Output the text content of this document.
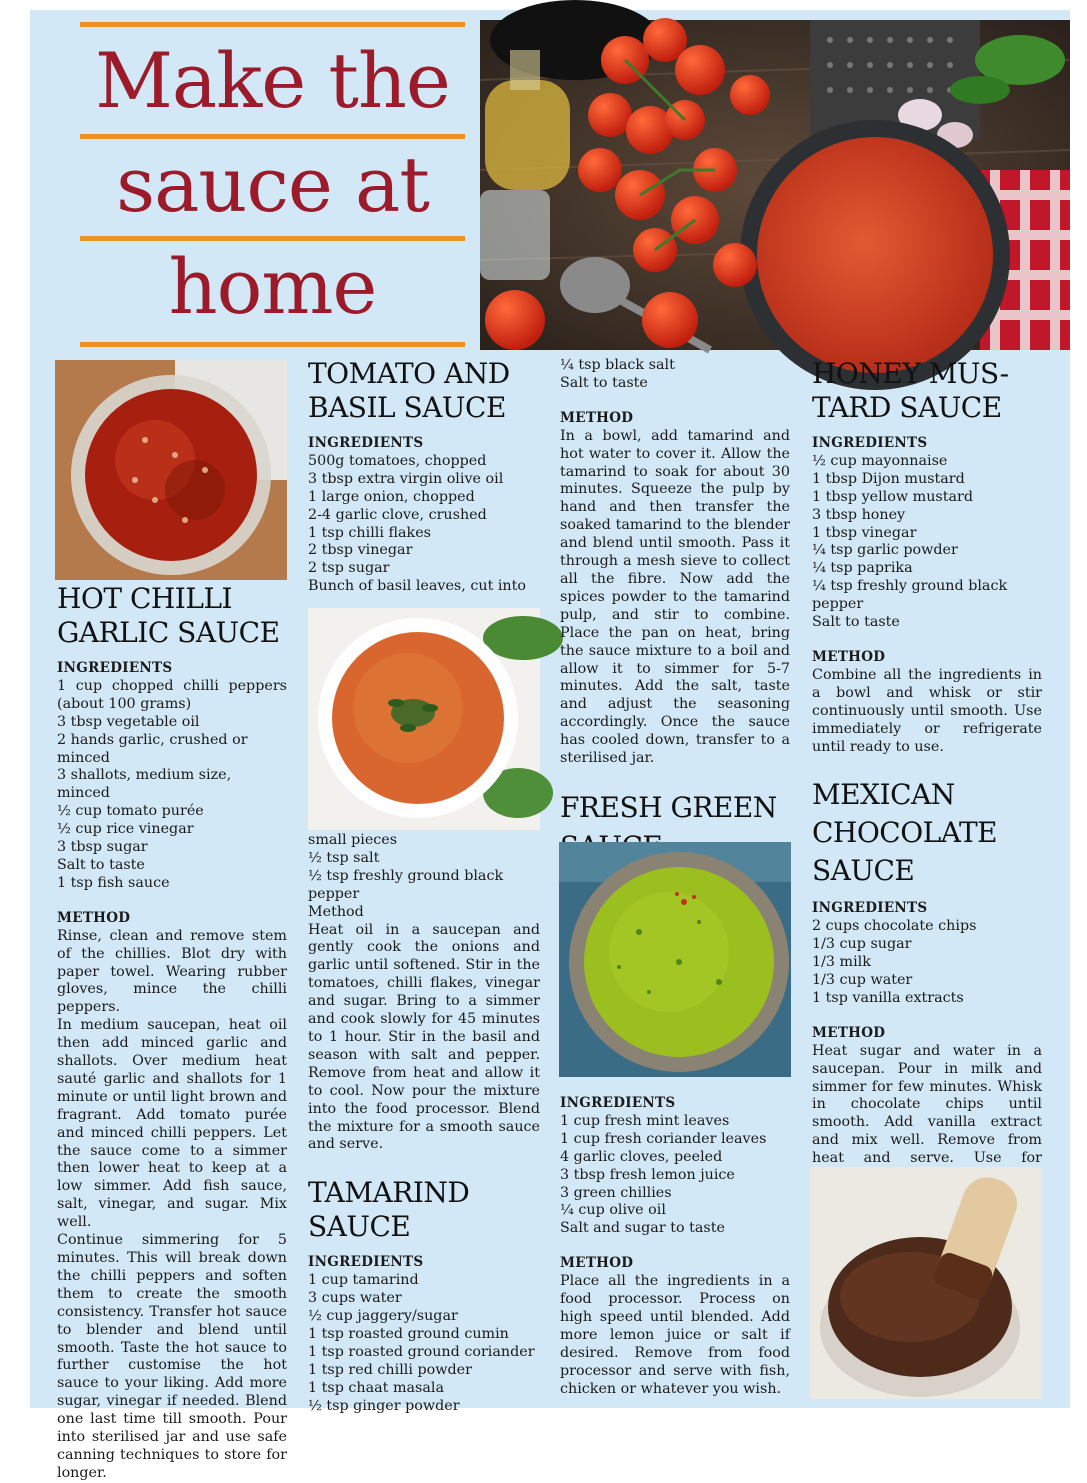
Make the
sauce at
home
HOT CHILLI
GARLIC SAUCE
INGREDIENTS

1 cup chopped chilli peppers (about 100 grams)

3 tbsp vegetable oil

2 hands garlic, crushed or minced

3 shallots, medium size, minced

½ cup tomato purée

½ cup rice vinegar

3 tbsp sugar

Salt to taste

1 tsp fish sauce

METHOD

Rinse, clean and remove stem of the chillies. Blot dry with paper towel. Wearing rubber gloves, mince the chilli peppers.

In medium saucepan, heat oil then add minced garlic and shallots. Over medium heat sauté garlic and shallots for 1 minute or until light brown and fragrant. Add tomato purée and minced chilli peppers. Let the sauce come to a simmer then lower heat to keep at a low simmer. Add fish sauce, salt, vinegar, and sugar. Mix well.

Continue simmering for 5 minutes. This will break down the chilli peppers and soften them to create the smooth consistency. Transfer hot sauce to blender and blend until smooth. Taste the hot sauce to further customise the hot sauce to your liking. Add more sugar, vinegar if needed. Blend one last time till smooth. Pour into sterilised jar and use safe canning techniques to store for longer.

TOMATO AND
BASIL SAUCE
INGREDIENTS

500g tomatoes, chopped

3 tbsp extra virgin olive oil

1 large onion, chopped

2-4 garlic clove, crushed

1 tsp chilli flakes

2 tbsp vinegar

2 tsp sugar

Bunch of basil leaves, cut into

small pieces

½ tsp salt

½ tsp freshly ground black pepper

Method

Heat oil in a saucepan and gently cook the onions and garlic until softened. Stir in the tomatoes, chilli flakes, vinegar and sugar. Bring to a simmer and cook slowly for 45 minutes to 1 hour. Stir in the basil and season with salt and pepper. Remove from heat and allow it to cool. Now pour the mixture into the food processor. Blend the mixture for a smooth sauce and serve.

TAMARIND
SAUCE
INGREDIENTS

1 cup tamarind

3 cups water

½ cup jaggery/sugar

1 tsp roasted ground cumin

1 tsp roasted ground coriander

1 tsp red chilli powder

1 tsp chaat masala

½ tsp ginger powder

¼ tsp black salt

Salt to taste

METHOD

In a bowl, add tamarind and hot water to cover it. Allow the tamarind to soak for about 30 minutes. Squeeze the pulp by hand and then transfer the soaked tamarind to the blender and blend until smooth. Pass it through a mesh sieve to collect all the fibre. Now add the spices powder to the tamarind pulp, and stir to combine. Place the pan on heat, bring the sauce mixture to a boil and allow it to simmer for 5-7 minutes. Add the salt, taste and adjust the seasoning accordingly. Once the sauce has cooled down, transfer to a sterilised jar.

FRESH GREEN
INGREDIENTS

1 cup fresh mint leaves

1 cup fresh coriander leaves

4 garlic cloves, peeled

3 tbsp fresh lemon juice

3 green chillies

¼ cup olive oil

Salt and sugar to taste

METHOD

Place all the ingredients in a food processor. Process on high speed until blended. Add more lemon juice or salt if desired. Remove from food processor and serve with fish, chicken or whatever you wish.

HONEY MUS-
TARD SAUCE
INGREDIENTS

½ cup mayonnaise

1 tbsp Dijon mustard

1 tbsp yellow mustard

3 tbsp honey

1 tbsp vinegar

¼ tsp garlic powder

¼ tsp paprika

¼ tsp freshly ground black pepper

Salt to taste

METHOD

Combine all the ingredients in a bowl and whisk or stir continuously until smooth. Use immediately or refrigerate until ready to use.

MEXICAN
CHOCOLATE
SAUCE
INGREDIENTS

2 cups chocolate chips

1/3 cup sugar

1/3 milk

1/3 cup water

1 tsp vanilla extracts

METHOD

Heat sugar and water in a saucepan. Pour in milk and simmer for few minutes. Whisk in chocolate chips until smooth. Add vanilla extract and mix well. Remove from heat and serve. Use for
